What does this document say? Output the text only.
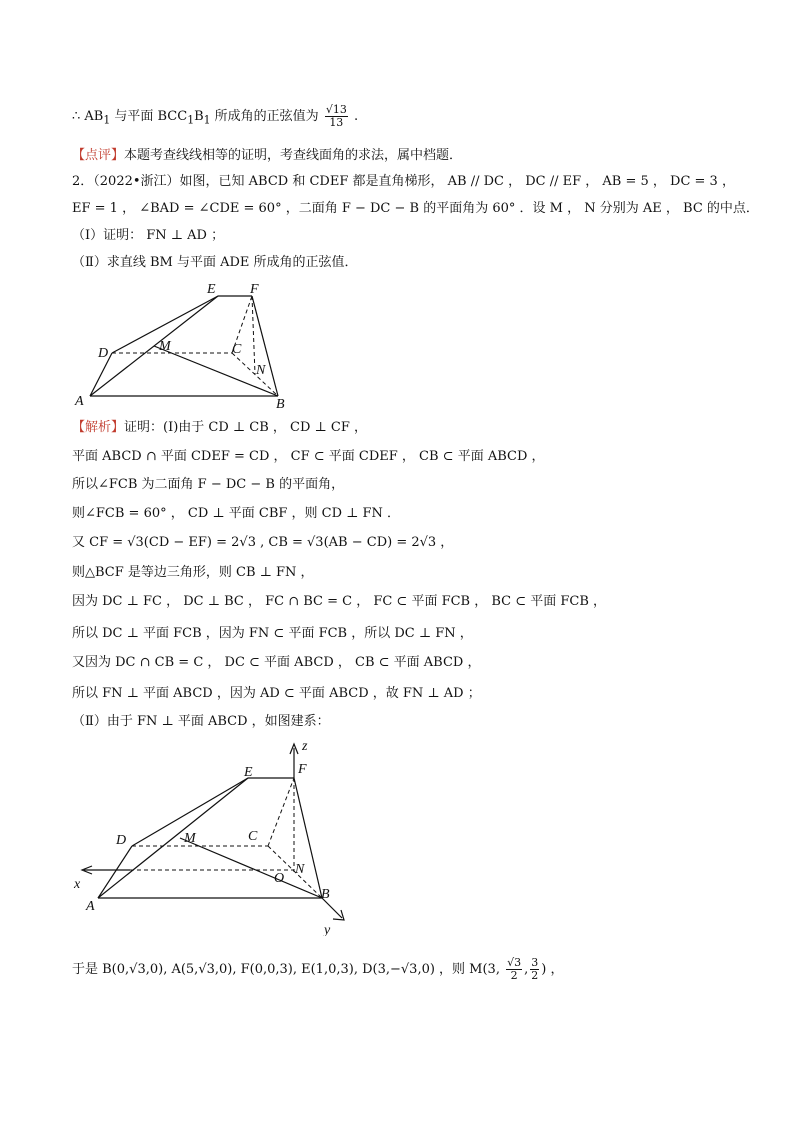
∴ $AB_1$ 与平面 $BCC_1B_1$ 所成角的正弦值为 $\frac{√13}{13}$ .
【点评】本题考查线线相等的证明，考查线面角的求法，属中档题．
2．（2022•浙江）如图，已知 ABCD 和 CDEF 都是直角梯形， AB // DC ， DC // EF ， AB = 5 ， DC = 3 ，
EF = 1 ， ∠BAD = ∠CDE = 60° ，二面角 F − DC − B 的平面角为 60° ．设 M ， N 分别为 AE ， BC 的中点．
（Ⅰ）证明： FN ⊥ AD ；
（Ⅱ）求直线 BM 与平面 ADE 所成角的正弦值．
A	B
C
D
E F
M
N
【解析】证明：(Ⅰ)由于 CD ⊥ CB ， CD ⊥ CF ，
平面 ABCD ∩ 平面 CDEF = CD ， CF ⊂ 平面 CDEF ， CB ⊂ 平面 ABCD ，
所以∠FCB 为二面角 F − DC − B 的平面角，
则∠FCB = 60° ， CD ⊥ 平面 CBF ，则 CD ⊥ FN ．
又 CF = √3(CD − EF) = 2√3 , CB = √3(AB − CD) = 2√3 ，
则△BCF 是等边三角形，则 CB ⊥ FN ，
因为 DC ⊥ FC ， DC ⊥ BC ， FC ∩ BC = C ， FC ⊂ 平面 FCB ， BC ⊂ 平面 FCB ，
所以 DC ⊥ 平面 FCB ，因为 FN ⊂ 平面 FCB ，所以 DC ⊥ FN ，
又因为 DC ∩ CB = C ， DC ⊂ 平面 ABCD ， CB ⊂ 平面 ABCD ，
所以 FN ⊥ 平面 ABCD ，因为 AD ⊂ 平面 ABCD ，故 FN ⊥ AD ；
（Ⅱ）由于 FN ⊥ 平面 ABCD ，如图建系：
x
y
z
A
B
C
D
E	F
M
N
O
于是 B(0,√3,0), A(5,√3,0), F(0,0,3), E(1,0,3), D(3,−√3,0) ，则 M(3, $\frac{√3}{2}$ , $\frac{3}{2}$ ) ，
